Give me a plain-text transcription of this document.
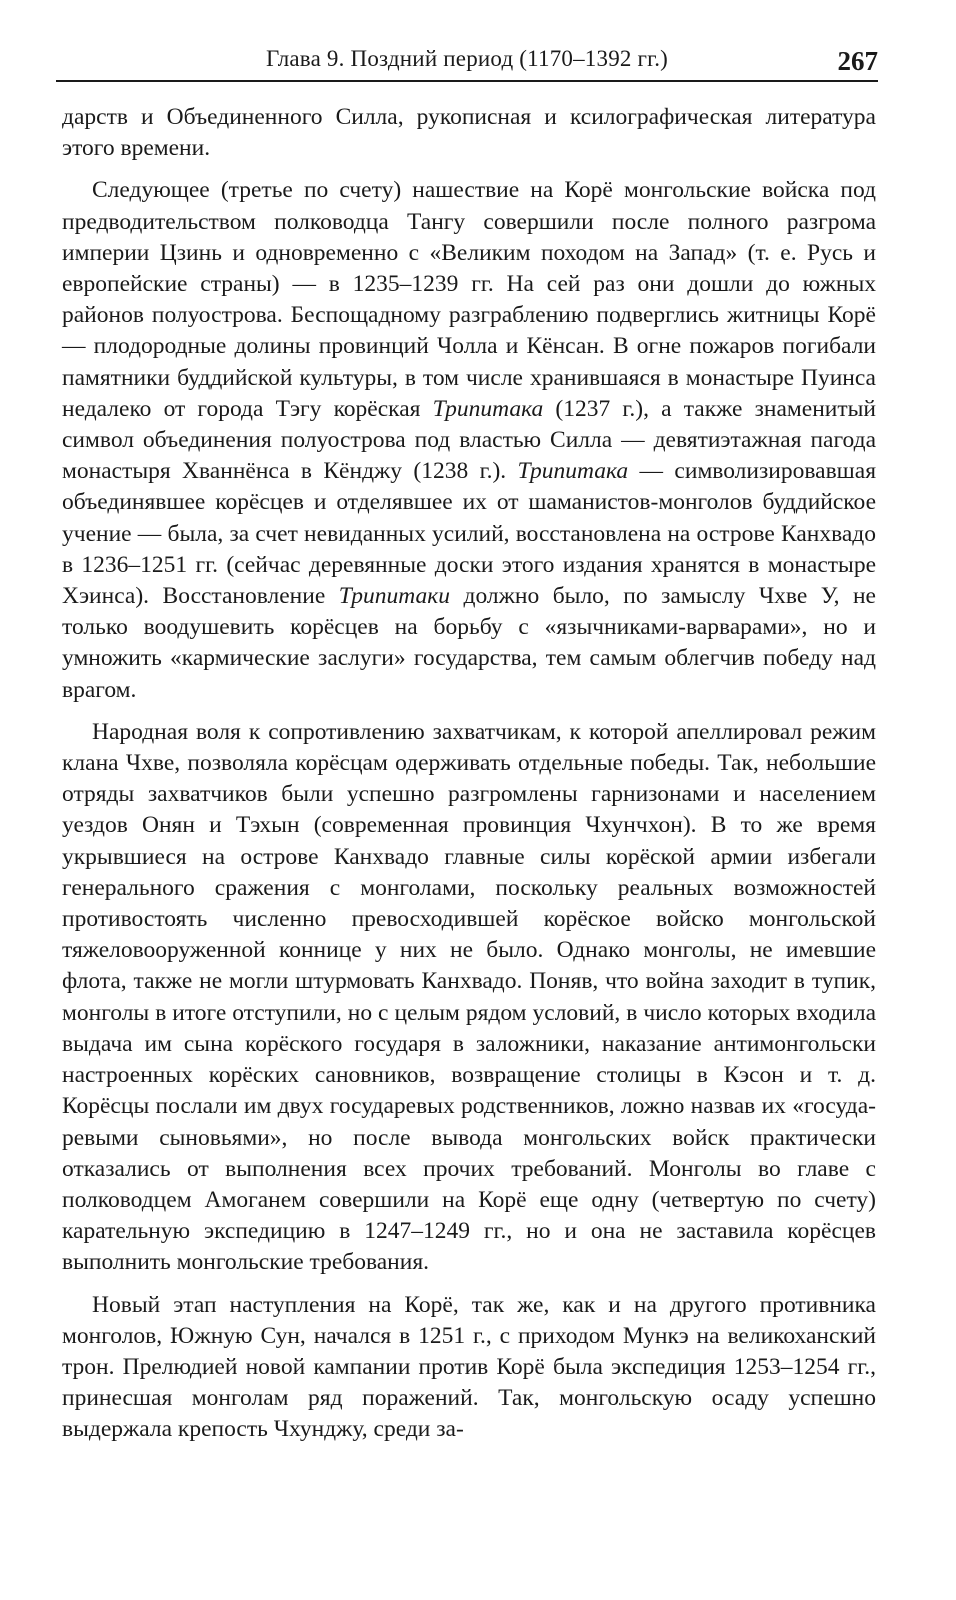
Глава 9. Поздний период (1170–1392 гг.)	267

дарств и Объединенного Силла, рукописная и ксилографическая литература этого времени.

Следующее (третье по счету) нашествие на Корё монгольские войска под предводительством полководца Тангу совершили после полного разгрома империи Цзинь и одновременно с «Великим походом на Запад» (т. е. Русь и европейские страны) — в 1235–1239 гг. На сей раз они дошли до южных районов полуострова. Беспощадному разграблению подверглись житницы Корё — плодородные долины провинций Чолла и Кёнсан. В огне пожаров погибали памятники буддийской культуры, в том числе хранившаяся в монастыре Пуинса недалеко от города Тэгу корёская Трипитака (1237 г.), а также знаменитый символ объединения полуострова под властью Силла — девятиэтажная пагода монастыря Хваннёнса в Кёнджу (1238 г.). Трипитака — символизировавшая объединявшее корёсцев и отделявшее их от шаманистов-монголов буддийское учение — была, за счет невиданных усилий, восстановлена на острове Канхвадо в 1236–1251 гг. (сейчас деревянные доски этого издания хранятся в монастыре Хэинса). Восстановление Трипитаки должно было, по замыслу Чхве У, не только воодушевить корёсцев на борьбу с «язычниками-варварами», но и умножить «кармические заслуги» государства, тем самым облегчив победу над врагом.

Народная воля к сопротивлению захватчикам, к которой апеллировал режим клана Чхве, позволяла корёсцам одерживать отдельные победы. Так, небольшие отряды захватчиков были успешно разгромлены гарнизонами и населением уездов Онян и Тэхын (современная провинция Чхунчхон). В то же время укрывшиеся на острове Канхвадо главные силы корёской армии избегали генерального сражения с монголами, поскольку реальных возможностей противостоять численно превосходившей корёское войско монгольской тяжеловооруженной коннице у них не было. Однако монголы, не имевшие флота, также не могли штурмовать Канхвадо. Поняв, что война заходит в тупик, монголы в итоге отступили, но с целым рядом условий, в число которых входила выдача им сына корёского государя в заложники, наказание антимонгольски настроенных корёских сановников, возвращение столицы в Кэсон и т. д. Корёсцы послали им двух государевых родственников, ложно назвав их «государевыми сыновьями», но после вывода монгольских войск практически отказались от выполнения всех прочих требований. Монголы во главе с полководцем Амоганем совершили на Корё еще одну (четвертую по счету) карательную экспедицию в 1247–1249 гг., но и она не заставила корёсцев выполнить монгольские требования.

Новый этап наступления на Корё, так же, как и на другого противника монголов, Южную Сун, начался в 1251 г., с приходом Мункэ на великоханский трон. Прелюдией новой кампании против Корё была экспедиция 1253–1254 гг., принесшая монголам ряд поражений. Так, монгольскую осаду успешно выдержала крепость Чхунджу, среди за-
